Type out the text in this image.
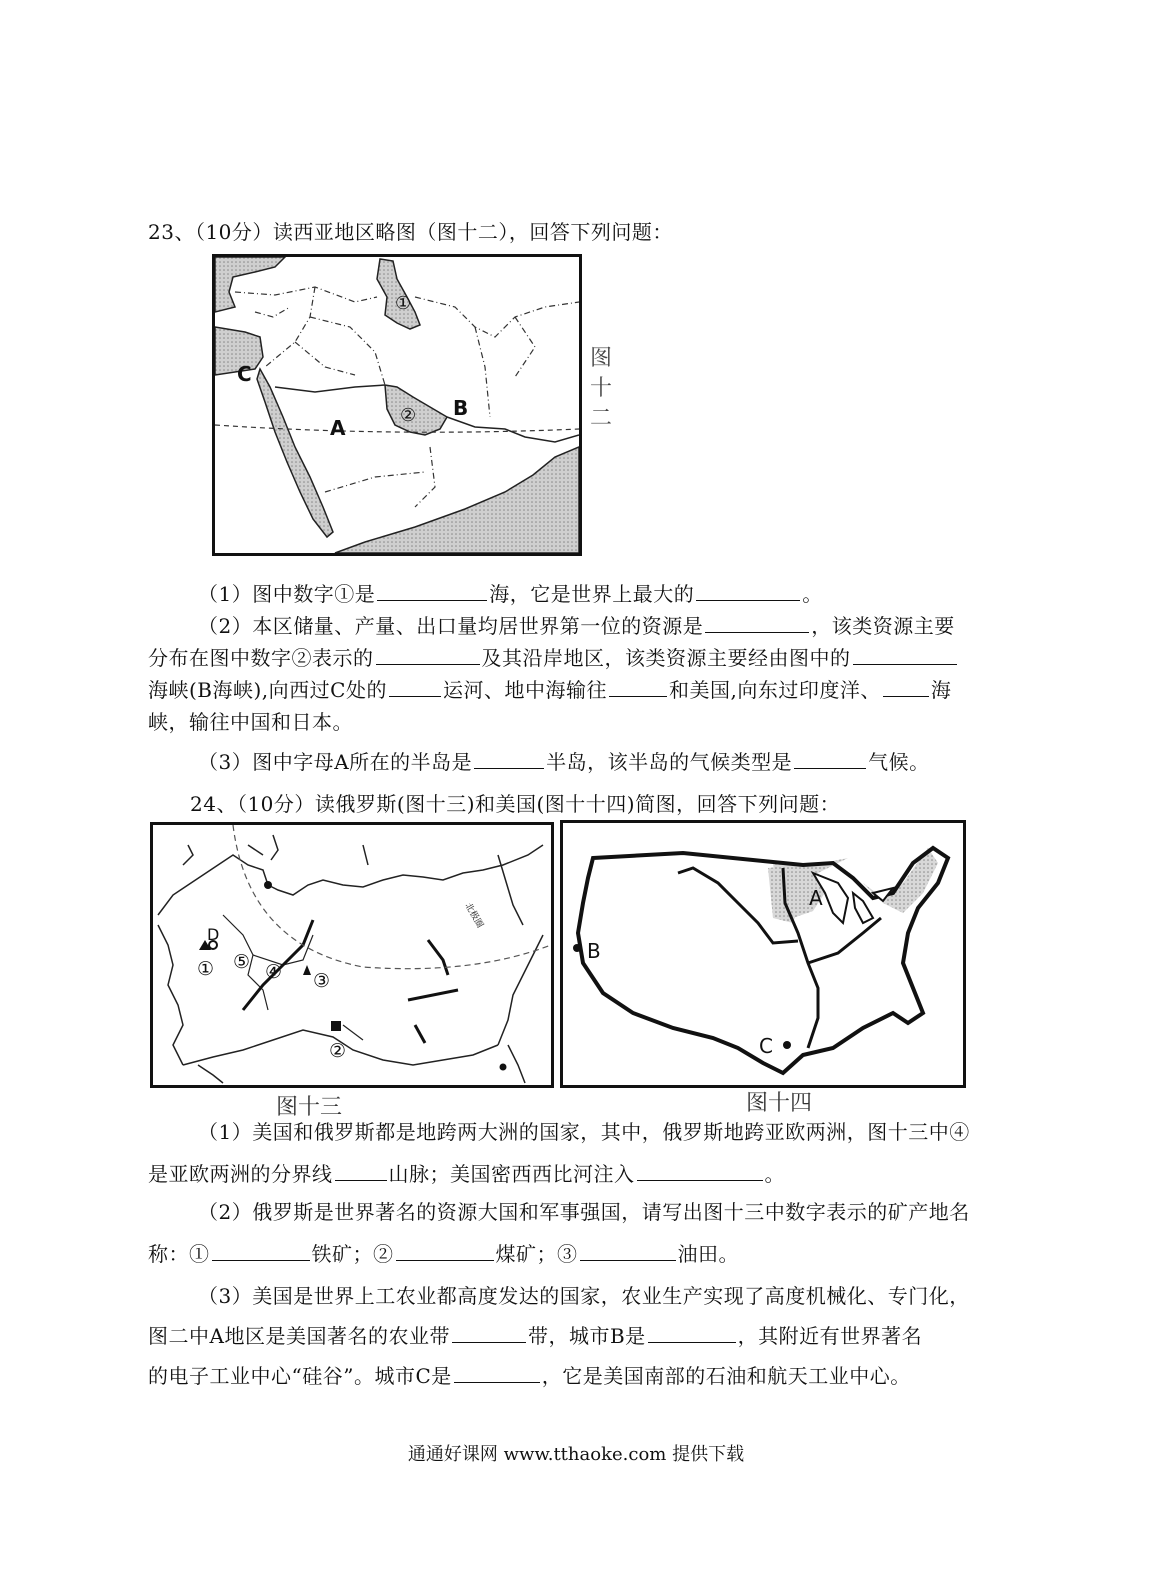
23、（10分）读西亚地区略图（图十二），回答下列问题：
①
②
A
B
C
图
十
二
（1）图中数字①是	海，它是世界上最大的	。
（2）本区储量、产量、出口量均居世界第一位的资源是	，该类资源主要
分布在图中数字②表示的	及其沿岸地区，该类资源主要经由图中的
海峡(B海峡),向西过C处的	运河、地中海输往	和美国,向东过印度洋、	海
峡，输往中国和日本。
（3）图中字母A所在的半岛是	半岛，该半岛的气候类型是	气候。
24、（10分）读俄罗斯(图十三)和美国(图十十四)简图，回答下列问题：
北极圈
D
① ⑤ ④ ③
②
图十三
A
B
C
图十四
（1）美国和俄罗斯都是地跨两大洲的国家，其中，俄罗斯地跨亚欧两洲，图十三中④
是亚欧两洲的分界线	山脉；美国密西西比河注入	。
（2）俄罗斯是世界著名的资源大国和军事强国，请写出图十三中数字表示的矿产地名
称：①	铁矿；②	煤矿；③	油田。
（3）美国是世界上工农业都高度发达的国家，农业生产实现了高度机械化、专门化，
图二中A地区是美国著名的农业带	带，城市B是	，其附近有世界著名
的电子工业中心“硅谷”。城市C是	，它是美国南部的石油和航天工业中心。
通通好课网 www.tthaoke.com 提供下载
